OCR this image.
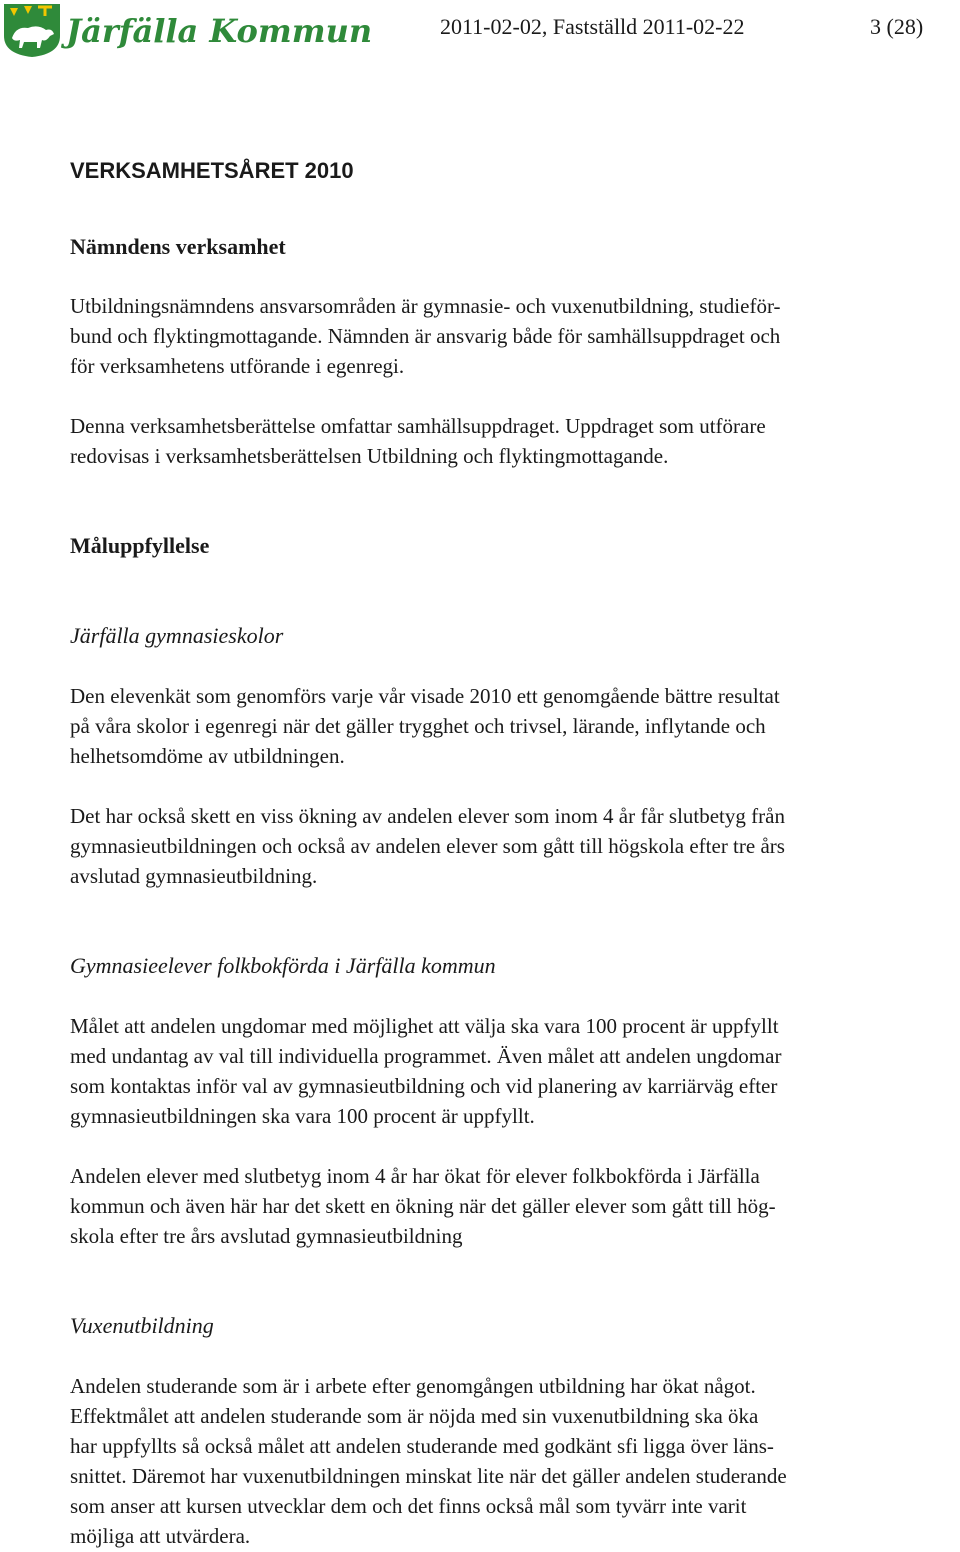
Järfälla Kommun	2011-02-02, Fastställd 2011-02-22	3 (28)
VERKSAMHETSÅRET 2010
Nämndens verksamhet
Utbildningsnämndens ansvarsområden är gymnasie- och vuxenutbildning, studieför-
bund och flyktingmottagande. Nämnden är ansvarig både för samhällsuppdraget och
för verksamhetens utförande i egenregi.
Denna verksamhetsberättelse omfattar samhällsuppdraget. Uppdraget som utförare
redovisas i verksamhetsberättelsen Utbildning och flyktingmottagande.
Måluppfyllelse
Järfälla gymnasieskolor
Den elevenkät som genomförs varje vår visade 2010 ett genomgående bättre resultat
på våra skolor i egenregi när det gäller trygghet och trivsel, lärande, inflytande och
helhetsomdöme av utbildningen.
Det har också skett en viss ökning av andelen elever som inom 4 år får slutbetyg från
gymnasieutbildningen och också av andelen elever som gått till högskola efter tre års
avslutad gymnasieutbildning.
Gymnasieelever folkbokförda i Järfälla kommun
Målet att andelen ungdomar med möjlighet att välja ska vara 100 procent är uppfyllt
med undantag av val till individuella programmet. Även målet att andelen ungdomar
som kontaktas inför val av gymnasieutbildning och vid planering av karriärväg efter
gymnasieutbildningen ska vara 100 procent är uppfyllt.
Andelen elever med slutbetyg inom 4 år har ökat för elever folkbokförda i Järfälla
kommun och även här har det skett en ökning när det gäller elever som gått till hög-
skola efter tre års avslutad gymnasieutbildning
Vuxenutbildning
Andelen studerande som är i arbete efter genomgången utbildning har ökat något.
Effektmålet att andelen studerande som är nöjda med sin vuxenutbildning ska öka
har uppfyllts så också målet att andelen studerande med godkänt sfi ligga över läns-
snittet. Däremot har vuxenutbildningen minskat lite när det gäller andelen studerande
som anser att kursen utvecklar dem och det finns också mål som tyvärr inte varit
möjliga att utvärdera.
